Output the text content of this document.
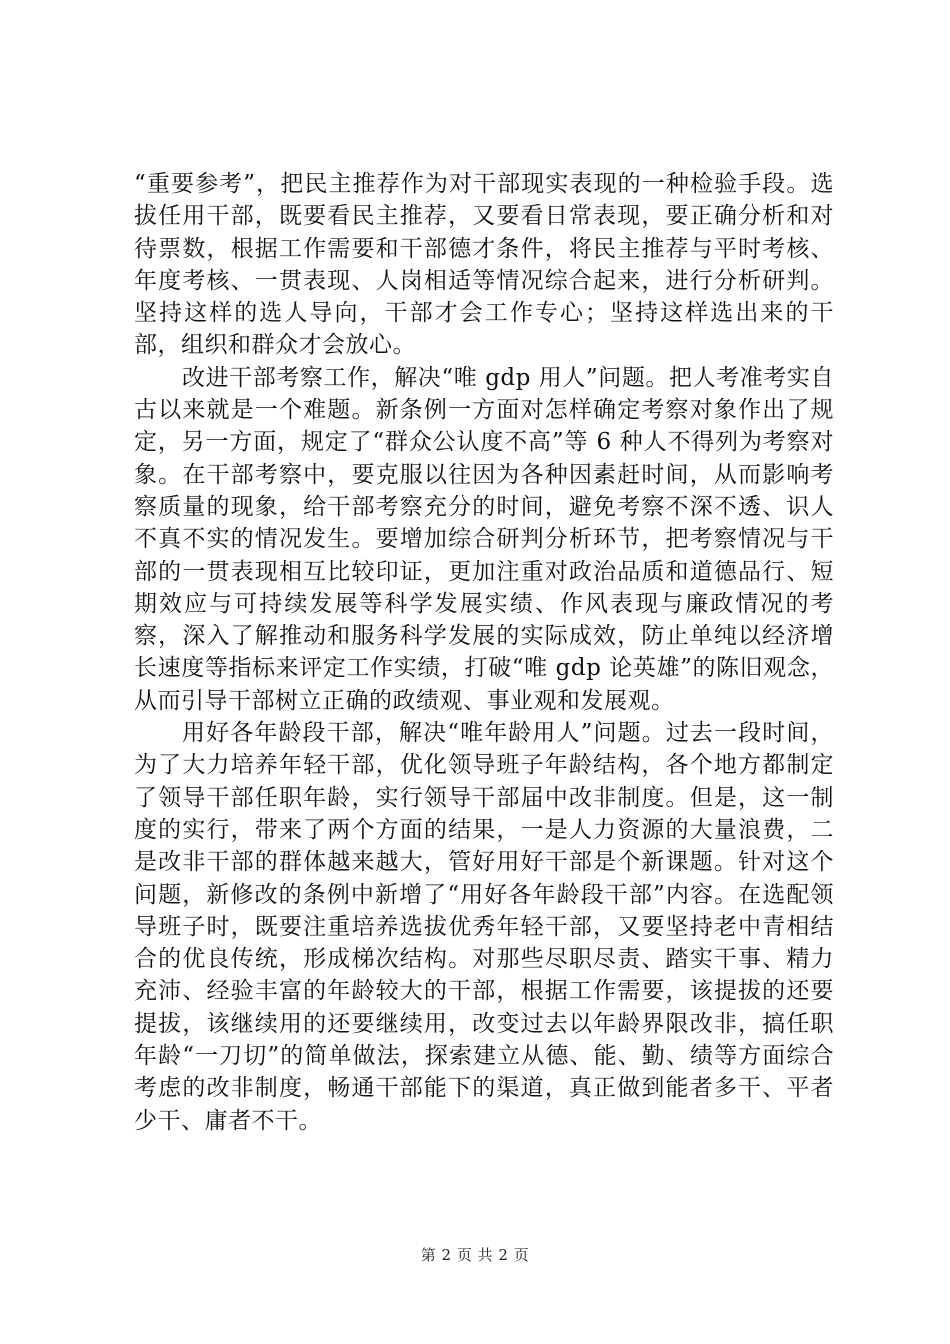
“重要参考”，把民主推荐作为对干部现实表现的一种检验手段。选拔任用干部，既要看民主推荐，又要看日常表现，要正确分析和对待票数，根据工作需要和干部德才条件，将民主推荐与平时考核、年度考核、一贯表现、人岗相适等情况综合起来，进行分析研判。坚持这样的选人导向，干部才会工作专心；坚持这样选出来的干部，组织和群众才会放心。

改进干部考察工作，解决“唯 gdp 用人”问题。把人考准考实自古以来就是一个难题。新条例一方面对怎样确定考察对象作出了规定，另一方面，规定了“群众公认度不高”等 6 种人不得列为考察对象。在干部考察中，要克服以往因为各种因素赶时间，从而影响考察质量的现象，给干部考察充分的时间，避免考察不深不透、识人不真不实的情况发生。要增加综合研判分析环节，把考察情况与干部的一贯表现相互比较印证，更加注重对政治品质和道德品行、短期效应与可持续发展等科学发展实绩、作风表现与廉政情况的考察，深入了解推动和服务科学发展的实际成效，防止单纯以经济增长速度等指标来评定工作实绩，打破“唯 gdp 论英雄”的陈旧观念，从而引导干部树立正确的政绩观、事业观和发展观。

用好各年龄段干部，解决“唯年龄用人”问题。过去一段时间，为了大力培养年轻干部，优化领导班子年龄结构，各个地方都制定了领导干部任职年龄，实行领导干部届中改非制度。但是，这一制度的实行，带来了两个方面的结果，一是人力资源的大量浪费，二是改非干部的群体越来越大，管好用好干部是个新课题。针对这个问题，新修改的条例中新增了“用好各年龄段干部”内容。在选配领导班子时，既要注重培养选拔优秀年轻干部，又要坚持老中青相结合的优良传统，形成梯次结构。对那些尽职尽责、踏实干事、精力充沛、经验丰富的年龄较大的干部，根据工作需要，该提拔的还要提拔，该继续用的还要继续用，改变过去以年龄界限改非，搞任职年龄“一刀切”的简单做法，探索建立从德、能、勤、绩等方面综合考虑的改非制度，畅通干部能下的渠道，真正做到能者多干、平者少干、庸者不干。

第 2 页 共 2 页
